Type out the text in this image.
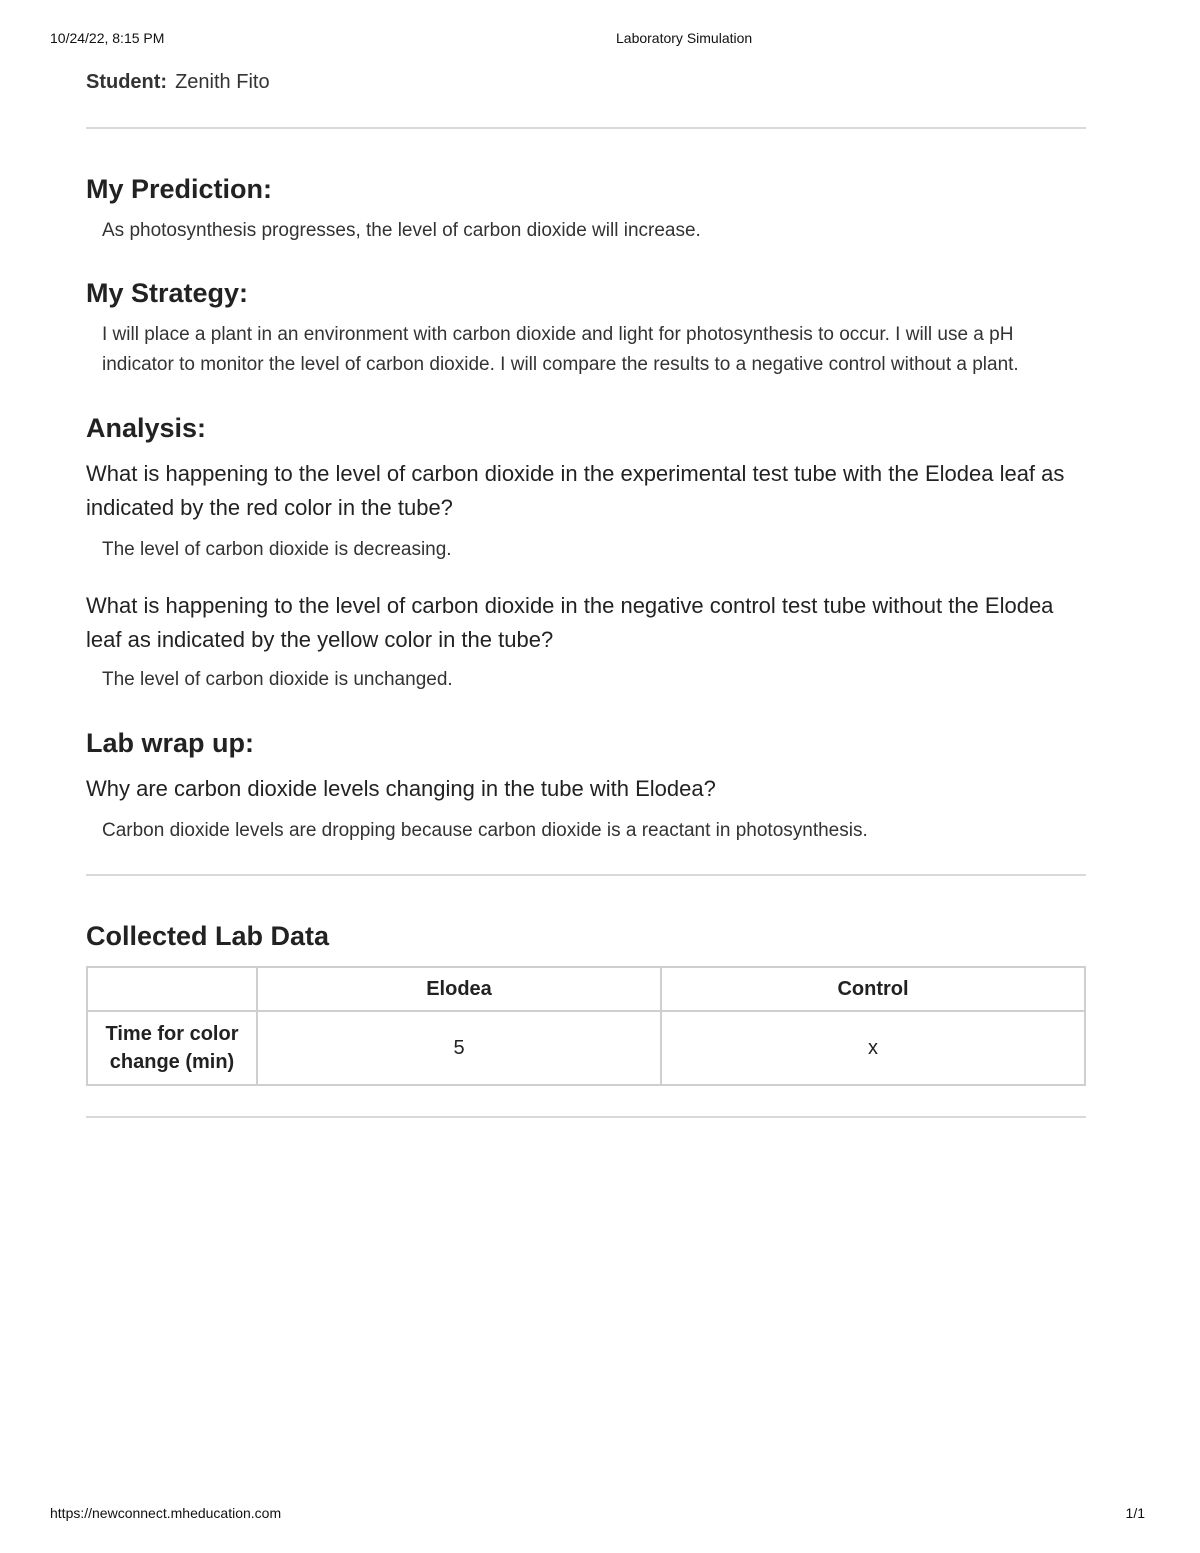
10/24/22, 8:15 PM	Laboratory Simulation
Student: Zenith Fito
My Prediction:
As photosynthesis progresses, the level of carbon dioxide will increase.
My Strategy:
I will place a plant in an environment with carbon dioxide and light for photosynthesis to occur. I will use a pH indicator to monitor the level of carbon dioxide. I will compare the results to a negative control without a plant.
Analysis:
What is happening to the level of carbon dioxide in the experimental test tube with the Elodea leaf as indicated by the red color in the tube?
The level of carbon dioxide is decreasing.
What is happening to the level of carbon dioxide in the negative control test tube without the Elodea leaf as indicated by the yellow color in the tube?
The level of carbon dioxide is unchanged.
Lab wrap up:
Why are carbon dioxide levels changing in the tube with Elodea?
Carbon dioxide levels are dropping because carbon dioxide is a reactant in photosynthesis.
Collected Lab Data
	Elodea	Control
Time for color change (min)	5	x
https://newconnect.mheducation.com	1/1
